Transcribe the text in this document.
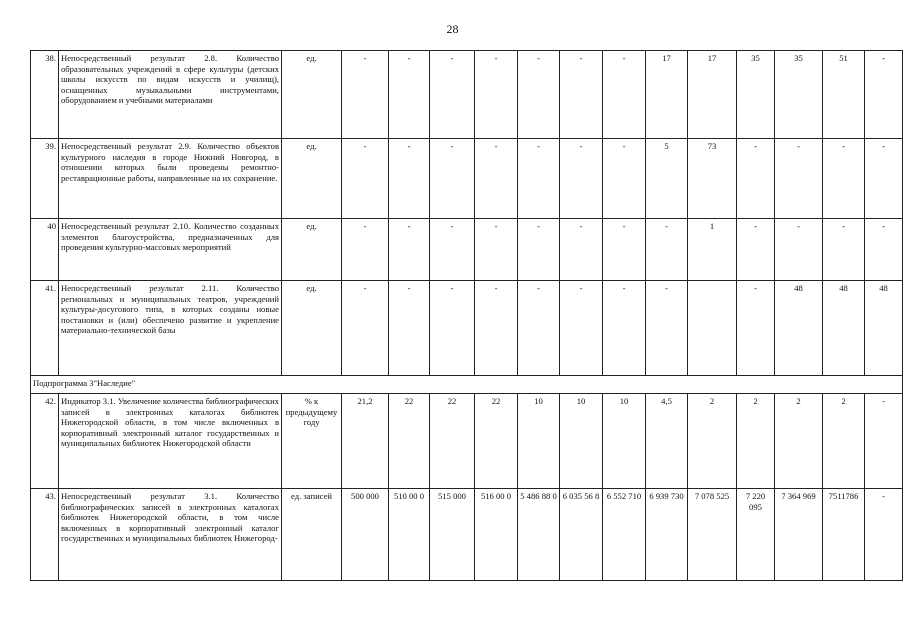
28
38.	Непосредственный результат 2.8. Количество образовательных учреждений в сфере культуры (детских школы искусств по видам искусств и училищ), оснащенных музыкальными инструментами, оборудованием и учебными материалами	ед.	-	-	-	-	-	-	-	17	17	35	35	51	-
39.	Непосредственный результат 2.9. Количество объектов культурного наследия в городе Нижний Новгород, в отношении которых были проведены ремонтно-реставрационные работы, направленные на их сохранение.	ед.	-	-	-	-	-	-	-	5	73	-	-	-	-
40	Непосредственный результат 2.10. Количество созданных элементов благоустройства, предназначенных для проведения культурно-массовых мероприятий	ед.	-	-	-	-	-	-	-	-	1	-	-	-	-
41.	Непосредственный результат 2.11. Количество региональных и муниципальных театров, учреждений культуры-досугового типа, в которых созданы новые постановки и (или) обеспечено развитие и укрепление материально-технической базы	ед.	-	-	-	-	-	-	-	-		-	48	48	48
Подпрограмма 3"Наследие"															
42.	Индикатор 3.1. Увеличение количества библиографических записей в электронных каталогах библиотек Нижегородской области, в том числе включенных в корпоративный электронный каталог государственных и муниципальных библиотек Нижегородской области	% к предыдущему году	21,2	22	22	22	10	10	10	4,5	2	2	2	2	-
43.	Непосредственный результат 3.1. Количество библиографических записей в электронных каталогах библиотек Нижегородской области, в том числе включенных в корпоративный электронный каталог государственных и муниципальных библиотек Нижегород-	ед. записей	500 000	510 00 0	515 000	516 00 0	5 486 88 0	6 035 56 8	6 552 710	6 939 730	7 078 525	7 220 095	7 364 969	7511786	-
